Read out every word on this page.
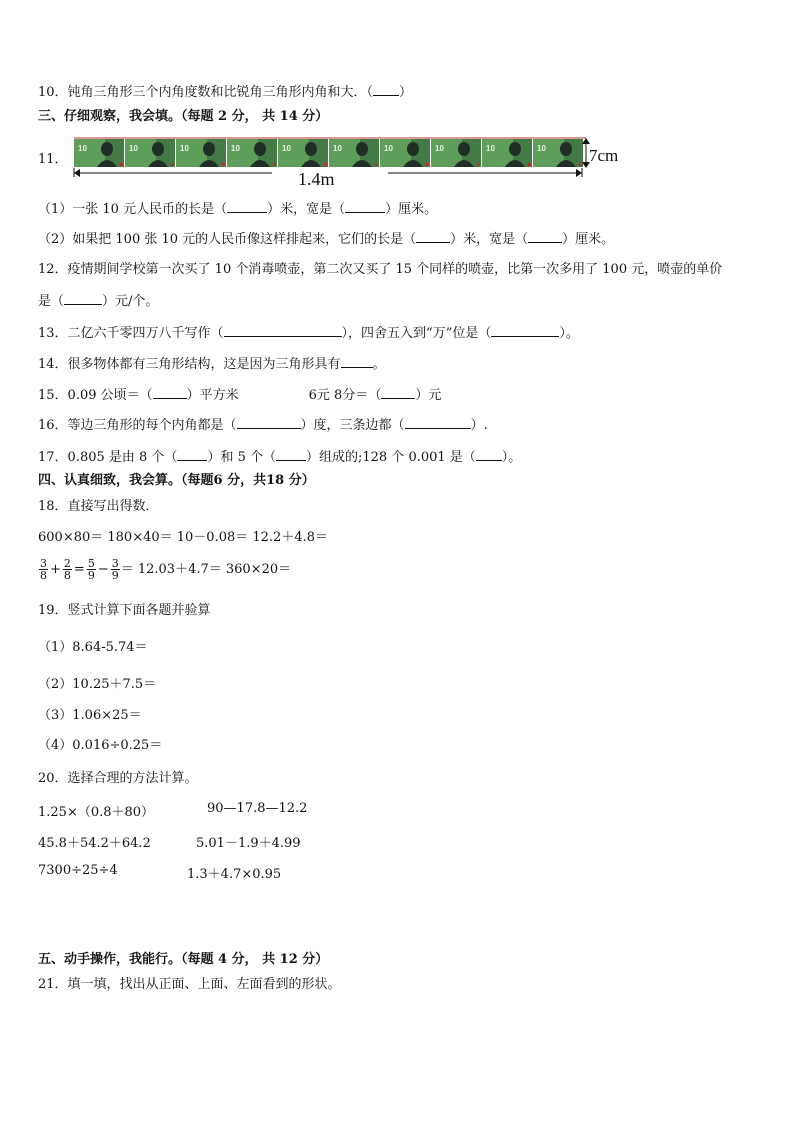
10．钝角三角形三个内角度数和比锐角三角形内角和大．（ ）
三、仔细观察，我会填。（每题 2 分， 共 14 分）
11．
10	10	10	10	10	10	10	10	10	10	7cm
1.4m
（1）一张 10 元人民币的长是（	）米，宽是（	）厘米。
（2）如果把 100 张 10 元的人民币像这样排起来，它们的长是（	）米，宽是（	）厘米。
12．疫情期间学校第一次买了 10 个消毒喷壶，第二次又买了 15 个同样的喷壶，比第一次多用了 100 元，喷壶的单价
是（	）元/个。
13．二亿六千零四万八千写作（	），四舍五入到“万”位是（	）。
14．很多物体都有三角形结构，这是因为三角形具有 。
15．0.09 公顷＝（	）平方米	6元 8分＝（	）元
16．等边三角形的每个内角都是（	）度，三条边都（	）.
17．0.805 是由 8 个（ ）和 5 个（ ）组成的;128 个 0.001 是（ ）。
四、认真细致，我会算。（每题6 分，共18 分）
18．直接写出得数．
600×80＝ 180×40＝ 10－0.08＝ 12.2＋4.8＝
$\frac{3}{8} + \frac{2}{8} = \frac{5}{9} - \frac{3}{9} = 12.03+4.7= 360\times 20=$
19．竖式计算下面各题并验算
（1）8.64-5.74＝
（2）10.25＋7.5＝
（3）1.06×25＝
（4）0.016÷0.25＝
20．选择合理的方法计算。
1.25×（0.8＋80）	90—17.8—12.2
45.8＋54.2＋64.2	5.01－1.9＋4.99
7300÷25÷4	1.3＋4.7×0.95
五、动手操作，我能行。（每题 4 分， 共 12 分）
21．填一填，找出从正面、上面、左面看到的形状。
